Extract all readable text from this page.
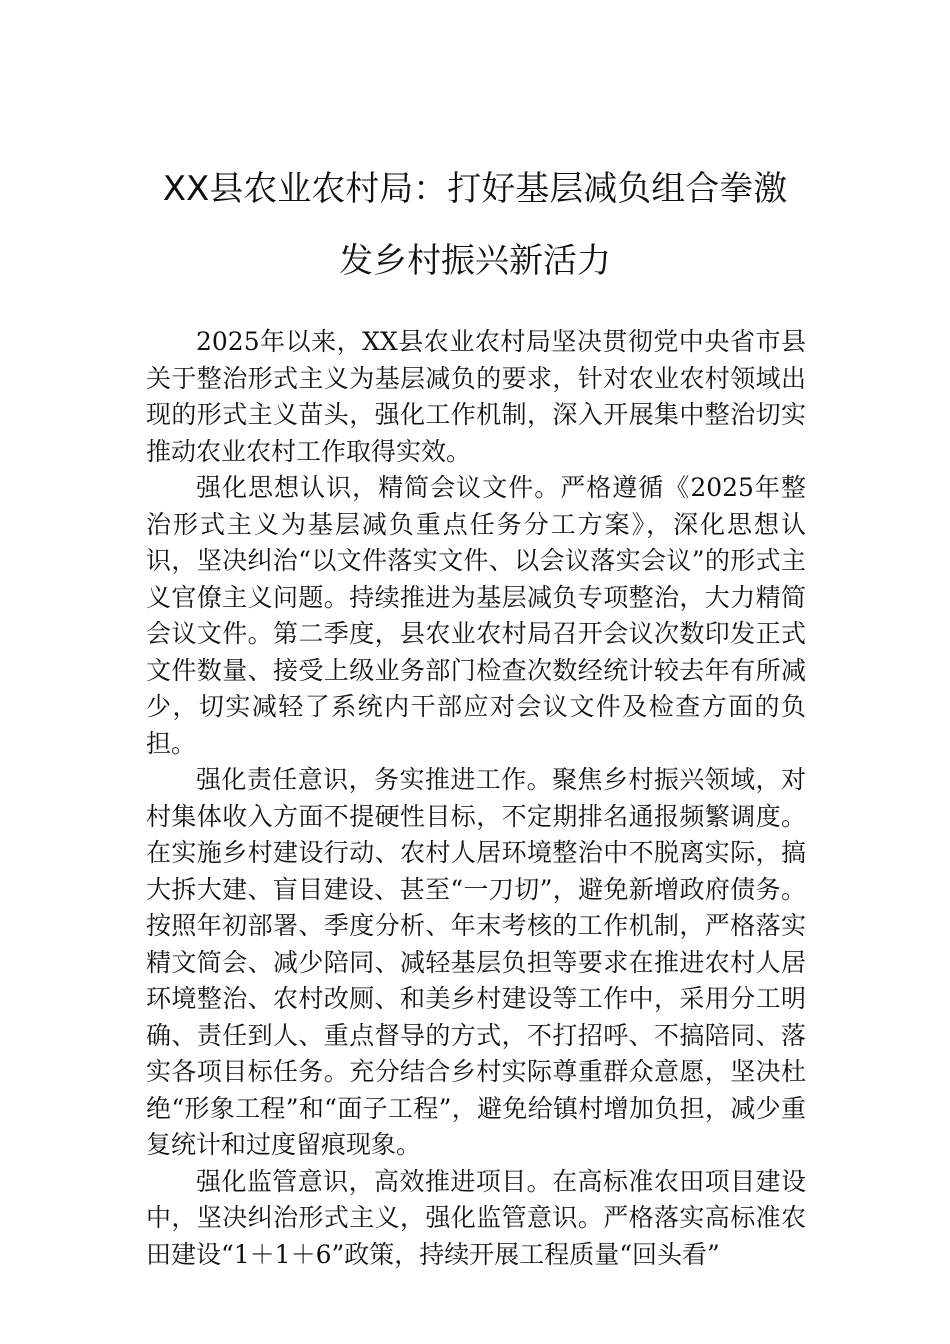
XX县农业农村局：打好基层减负组合拳激
发乡村振兴新活力

2025年以来，XX县农业农村局坚决贯彻党中央省市县关于整治形式主义为基层减负的要求，针对农业农村领域出现的形式主义苗头，强化工作机制，深入开展集中整治切实推动农业农村工作取得实效。

强化思想认识，精简会议文件。严格遵循《2025年整治形式主义为基层减负重点任务分工方案》，深化思想认识，坚决纠治“以文件落实文件、以会议落实会议”的形式主义官僚主义问题。持续推进为基层减负专项整治，大力精简会议文件。第二季度，县农业农村局召开会议次数印发正式文件数量、接受上级业务部门检查次数经统计较去年有所减少，切实减轻了系统内干部应对会议文件及检查方面的负担。

强化责任意识，务实推进工作。聚焦乡村振兴领域，对村集体收入方面不提硬性目标，不定期排名通报频繁调度。在实施乡村建设行动、农村人居环境整治中不脱离实际，搞大拆大建、盲目建设、甚至“一刀切”，避免新增政府债务。按照年初部署、季度分析、年末考核的工作机制，严格落实精文简会、减少陪同、减轻基层负担等要求在推进农村人居环境整治、农村改厕、和美乡村建设等工作中，采用分工明确、责任到人、重点督导的方式，不打招呼、不搞陪同、落实各项目标任务。充分结合乡村实际尊重群众意愿，坚决杜绝“形象工程”和“面子工程”，避免给镇村增加负担，减少重复统计和过度留痕现象。

强化监管意识，高效推进项目。在高标准农田项目建设中，坚决纠治形式主义，强化监管意识。严格落实高标准农田建设“1＋1＋6”政策，持续开展工程质量“回头看”
